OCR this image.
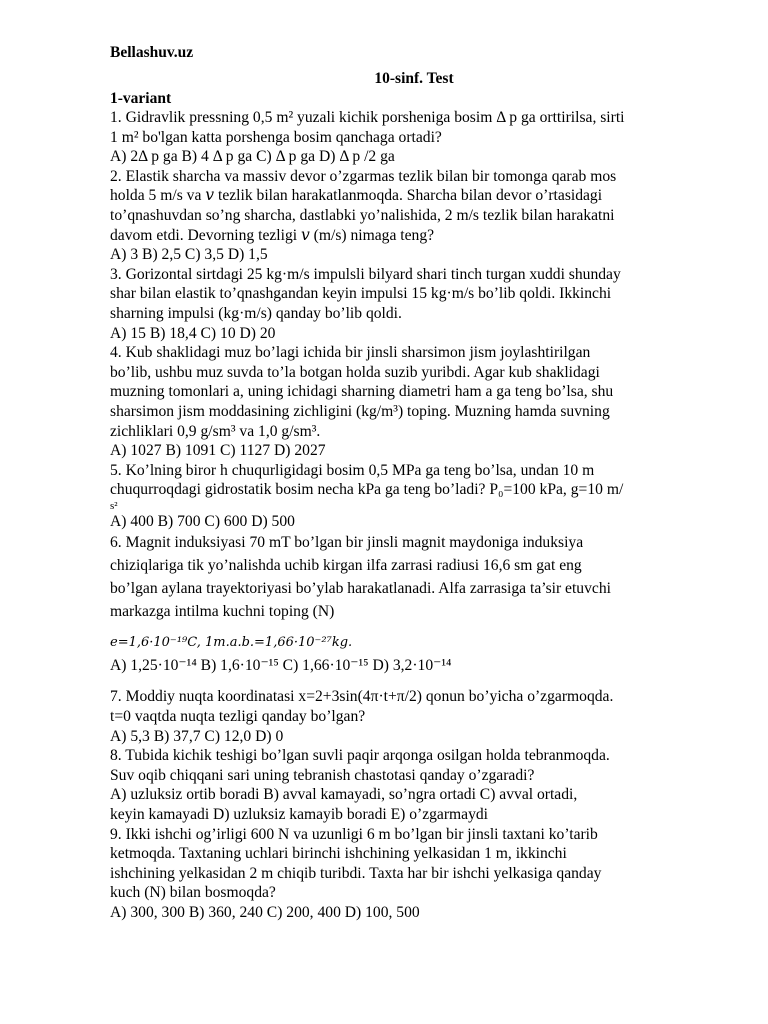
Bellashuv.uz
10-sinf. Test
1-variant

1. Gidravlik pressning 0,5 m² yuzali kichik porsheniga bosim Δ p ga orttirilsa, sirti

1 m² bo'lgan katta porshenga bosim qanchaga ortadi?

A) 2Δ p ga B) 4 Δ p ga C) Δ p ga D) Δ p /2 ga

2. Elastik sharcha va massiv devor o’zgarmas tezlik bilan bir tomonga qarab mos

holda 5 m/s va 𝑣 tezlik bilan harakatlanmoqda. Sharcha bilan devor o’rtasidagi

to’qnashuvdan so’ng sharcha, dastlabki yo’nalishida, 2 m/s tezlik bilan harakatni

davom etdi. Devorning tezligi 𝑣 (m/s) nimaga teng?

A) 3 B) 2,5 C) 3,5 D) 1,5

3. Gorizontal sirtdagi 25 kg·m/s impulsli bilyard shari tinch turgan xuddi shunday

shar bilan elastik to’qnashgandan keyin impulsi 15 kg·m/s bo’lib qoldi. Ikkinchi

sharning impulsi (kg·m/s) qanday bo’lib qoldi.

A) 15 B) 18,4 C) 10 D) 20

4. Kub shaklidagi muz bo’lagi ichida bir jinsli sharsimon jism joylashtirilgan

bo’lib, ushbu muz suvda to’la botgan holda suzib yuribdi. Agar kub shaklidagi

muzning tomonlari a, uning ichidagi sharning diametri ham a ga teng bo’lsa, shu

sharsimon jism moddasining zichligini (kg/m³) toping. Muzning hamda suvning

zichliklari 0,9 g/sm³ va 1,0 g/sm³.

A) 1027 B) 1091 C) 1127 D) 2027

5. Ko’lning biror h chuqurligidagi bosim 0,5 MPa ga teng bo’lsa, undan 10 m

chuqurroqdagi gidrostatik bosim necha kPa ga teng bo’ladi? P₀=100 kPa, g=10 m/

s²

A) 400 B) 700 C) 600 D) 500

6. Magnit induksiyasi 70 mT bo’lgan bir jinsli magnit maydoniga induksiya

chiziqlariga tik yo’nalishda uchib kirgan ilfa zarrasi radiusi 16,6 sm gat eng

bo’lgan aylana trayektoriyasi bo’ylab harakatlanadi. Alfa zarrasiga ta’sir etuvchi

markazga intilma kuchni toping (N)

e=1,6·10⁻¹⁹C, 1m.a.b.=1,66·10⁻²⁷kg.

A) 1,25·10⁻¹⁴ B) 1,6·10⁻¹⁵ C) 1,66·10⁻¹⁵ D) 3,2·10⁻¹⁴

7. Moddiy nuqta koordinatasi x=2+3sin(4π·t+π/2) qonun bo’yicha o’zgarmoqda.

t=0 vaqtda nuqta tezligi qanday bo’lgan?

A) 5,3 B) 37,7 C) 12,0 D) 0

8. Tubida kichik teshigi bo’lgan suvli paqir arqonga osilgan holda tebranmoqda.

Suv oqib chiqqani sari uning tebranish chastotasi qanday o’zgaradi?

A) uzluksiz ortib boradi B) avval kamayadi, so’ngra ortadi C) avval ortadi,

keyin kamayadi D) uzluksiz kamayib boradi E) o’zgarmaydi

9. Ikki ishchi og’irligi 600 N va uzunligi 6 m bo’lgan bir jinsli taxtani ko’tarib

ketmoqda. Taxtaning uchlari birinchi ishchining yelkasidan 1 m, ikkinchi

ishchining yelkasidan 2 m chiqib turibdi. Taxta har bir ishchi yelkasiga qanday

kuch (N) bilan bosmoqda?

A) 300, 300 B) 360, 240 C) 200, 400 D) 100, 500
